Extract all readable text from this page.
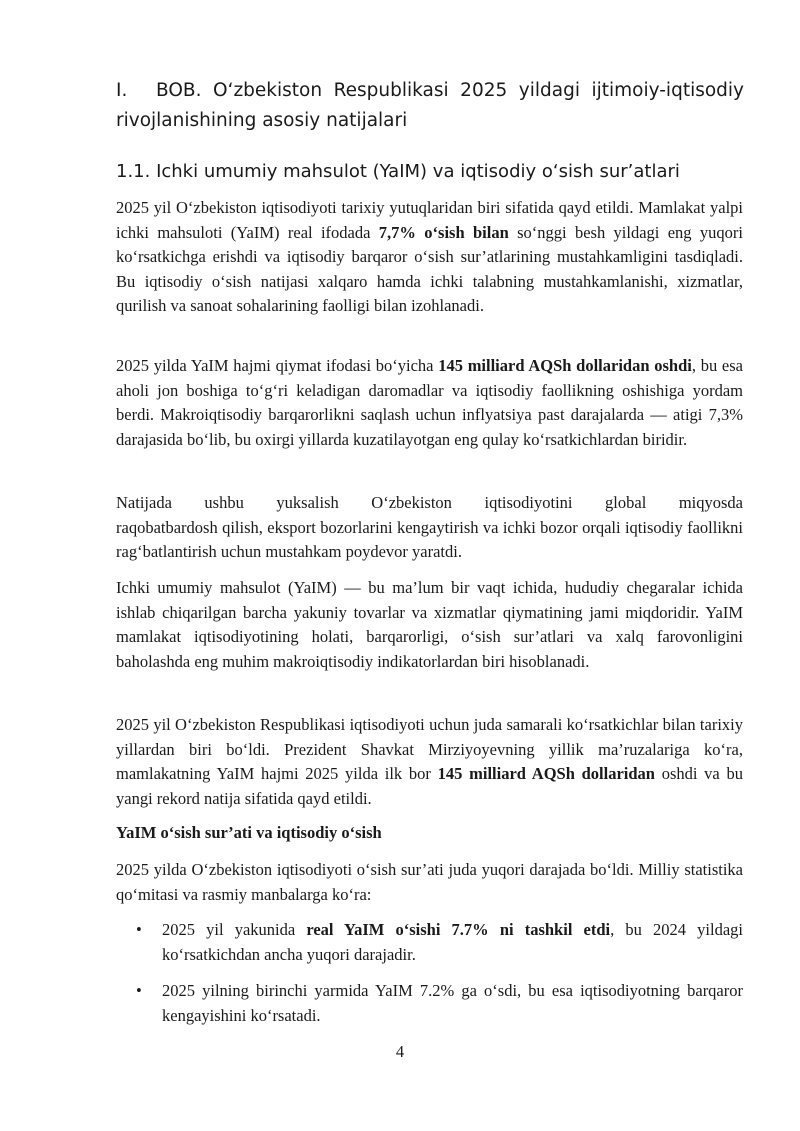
I. BOB. O‘zbekiston Respublikasi 2025 yildagi ijtimoiy-iqtisodiy rivojlanishining asosiy natijalari
1.1. Ichki umumiy mahsulot (YaIM) va iqtisodiy o‘sish sur’atlari

2025 yil O‘zbekiston iqtisodiyoti tarixiy yutuqlaridan biri sifatida qayd etildi. Mamlakat yalpi ichki mahsuloti (YaIM) real ifodada 7,7% o‘sish bilan so‘nggi besh yildagi eng yuqori ko‘rsatkichga erishdi va iqtisodiy barqaror o‘sish sur’atlarining mustahkamligini tasdiqladi. Bu iqtisodiy o‘sish natijasi xalqaro hamda ichki talabning mustahkamlanishi, xizmatlar, qurilish va sanoat sohalarining faolligi bilan izohlanadi.

2025 yilda YaIM hajmi qiymat ifodasi bo‘yicha 145 milliard AQSh dollaridan oshdi, bu esa aholi jon boshiga to‘g‘ri keladigan daromadlar va iqtisodiy faollikning oshishiga yordam berdi. Makroiqtisodiy barqarorlikni saqlash uchun inflyatsiya past darajalarda — atigi 7,3% darajasida bo‘lib, bu oxirgi yillarda kuzatilayotgan eng qulay ko‘rsatkichlardan biridir.

Natijada ushbu yuksalish O‘zbekiston iqtisodiyotini global miqyosda
raqobatbardosh qilish, eksport bozorlarini kengaytirish va ichki bozor orqali iqtisodiy faollikni rag‘batlantirish uchun mustahkam poydevor yaratdi.

Ichki umumiy mahsulot (YaIM) — bu ma’lum bir vaqt ichida, hududiy chegaralar ichida ishlab chiqarilgan barcha yakuniy tovarlar va xizmatlar qiymatining jami miqdoridir. YaIM mamlakat iqtisodiyotining holati, barqarorligi, o‘sish sur’atlari va xalq farovonligini baholashda eng muhim makroiqtisodiy indikatorlardan biri hisoblanadi.

2025 yil O‘zbekiston Respublikasi iqtisodiyoti uchun juda samarali ko‘rsatkichlar bilan tarixiy yillardan biri bo‘ldi. Prezident Shavkat Mirziyoyevning yillik ma’ruzalariga ko‘ra, mamlakatning YaIM hajmi 2025 yilda ilk bor 145 milliard AQSh dollaridan oshdi va bu yangi rekord natija sifatida qayd etildi.

YaIM o‘sish sur’ati va iqtisodiy o‘sish

2025 yilda O‘zbekiston iqtisodiyoti o‘sish sur’ati juda yuqori darajada bo‘ldi. Milliy statistika qo‘mitasi va rasmiy manbalarga ko‘ra:

• 2025 yil yakunida real YaIM o‘sishi 7.7% ni tashkil etdi, bu 2024 yildagi ko‘rsatkichdan ancha yuqori darajadir.
• 2025 yilning birinchi yarmida YaIM 7.2% ga o‘sdi, bu esa iqtisodiyotning barqaror kengayishini ko‘rsatadi.
4
